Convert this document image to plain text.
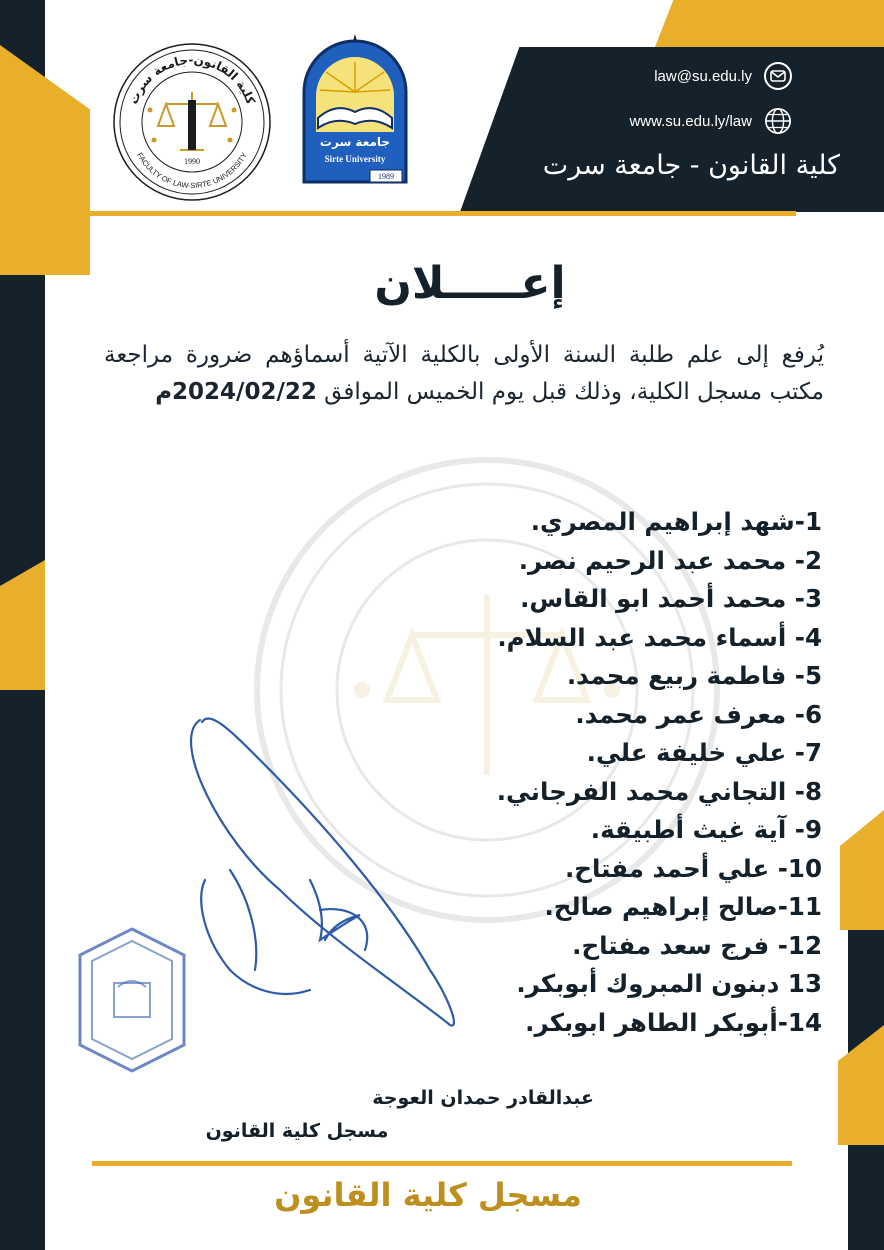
law@su.edu.ly
www.su.edu.ly/law
كلية القانون - جامعة سرت
كلية القانون-جامعة سرت
FACULTY OF LAW-SIRTE UNIVERSITY
1990
جامعة سرت
Sirte University
1989
إعـــــلان
يُرفع إلى علم طلبة السنة الأولى بالكلية الآتية أسماؤهم ضرورة مراجعة مكتب مسجل الكلية، وذلك قبل يوم الخميس الموافق 2024/02/22م
1-شهد إبراهيم المصري.
2- محمد عبد الرحيم نصر.
3- محمد أحمد ابو القاس.
4- أسماء محمد عبد السلام.
5- فاطمة ربيع محمد.
6- معرف عمر محمد.
7- علي خليفة علي.
8- التجاني محمد الفرجاني.
9- آية غيث أطبيقة.
10- علي أحمد مفتاح.
11-صالح إبراهيم صالح.
12- فرج سعد مفتاح.
13 دبنون المبروك أبوبكر.
14-أبوبكر الطاهر ابوبكر.
عبدالقادر حمدان العوجة
مسجل كلية القانون
مسجل كلية القانون
